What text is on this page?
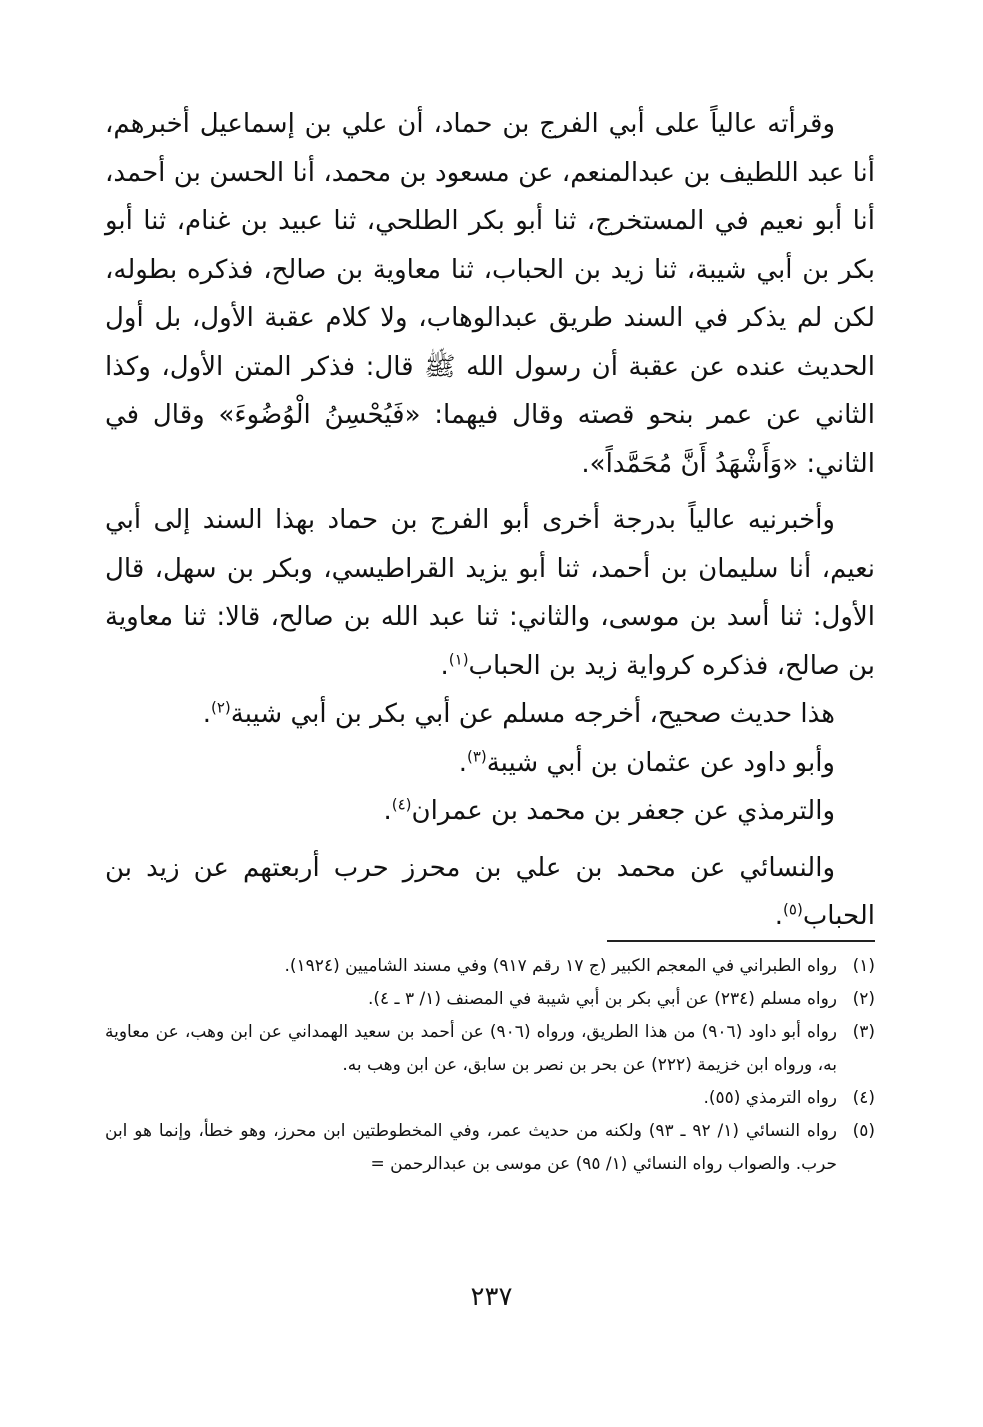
وقرأته عالياً على أبي الفرج بن حماد، أن علي بن إسماعيل أخبرهم، أنا عبد اللطيف بن عبدالمنعم، عن مسعود بن محمد، أنا الحسن بن أحمد، أنا أبو نعيم في المستخرج، ثنا أبو بكر الطلحي، ثنا عبيد بن غنام، ثنا أبو بكر بن أبي شيبة، ثنا زيد بن الحباب، ثنا معاوية بن صالح، فذكره بطوله، لكن لم يذكر في السند طريق عبدالوهاب، ولا كلام عقبة الأول، بل أول الحديث عنده عن عقبة أن رسول الله ﷺ قال: فذكر المتن الأول، وكذا الثاني عن عمر بنحو قصته وقال فيهما: «فَيُحْسِنُ الْوُضُوءَ» وقال في الثاني: «وَأَشْهَدُ أَنَّ مُحَمَّداً».

وأخبرنيه عالياً بدرجة أخرى أبو الفرج بن حماد بهذا السند إلى أبي نعيم، أنا سليمان بن أحمد، ثنا أبو يزيد القراطيسي، وبكر بن سهل، قال الأول: ثنا أسد بن موسى، والثاني: ثنا عبد الله بن صالح، قالا: ثنا معاوية بن صالح، فذكره كرواية زيد بن الحباب$^{(١)}$.

هذا حديث صحيح، أخرجه مسلم عن أبي بكر بن أبي شيبة$^{(٢)}$.

وأبو داود عن عثمان بن أبي شيبة$^{(٣)}$.

والترمذي عن جعفر بن محمد بن عمران$^{(٤)}$.

والنسائي عن محمد بن علي بن محرز حرب أربعتهم عن زيد بن الحباب$^{(٥)}$.

(١)
رواه الطبراني في المعجم الكبير (ج ١٧ رقم ٩١٧) وفي مسند الشاميين (١٩٢٤).
(٢)
رواه مسلم (٢٣٤) عن أبي بكر بن أبي شيبة في المصنف (١/ ٣ ـ ٤).
(٣)
رواه أبو داود (٩٠٦) من هذا الطريق، ورواه (٩٠٦) عن أحمد بن سعيد الهمداني عن ابن وهب، عن معاوية به، ورواه ابن خزيمة (٢٢٢) عن بحر بن نصر بن سابق، عن ابن وهب به.
(٤)
رواه الترمذي (٥٥).
(٥)
رواه النسائي (١/ ٩٢ ـ ٩٣) ولكنه من حديث عمر، وفي المخطوطتين ابن محرز، وهو خطأ، وإنما هو ابن حرب. والصواب رواه النسائي (١/ ٩٥) عن موسى بن عبدالرحمن =
٢٣٧
